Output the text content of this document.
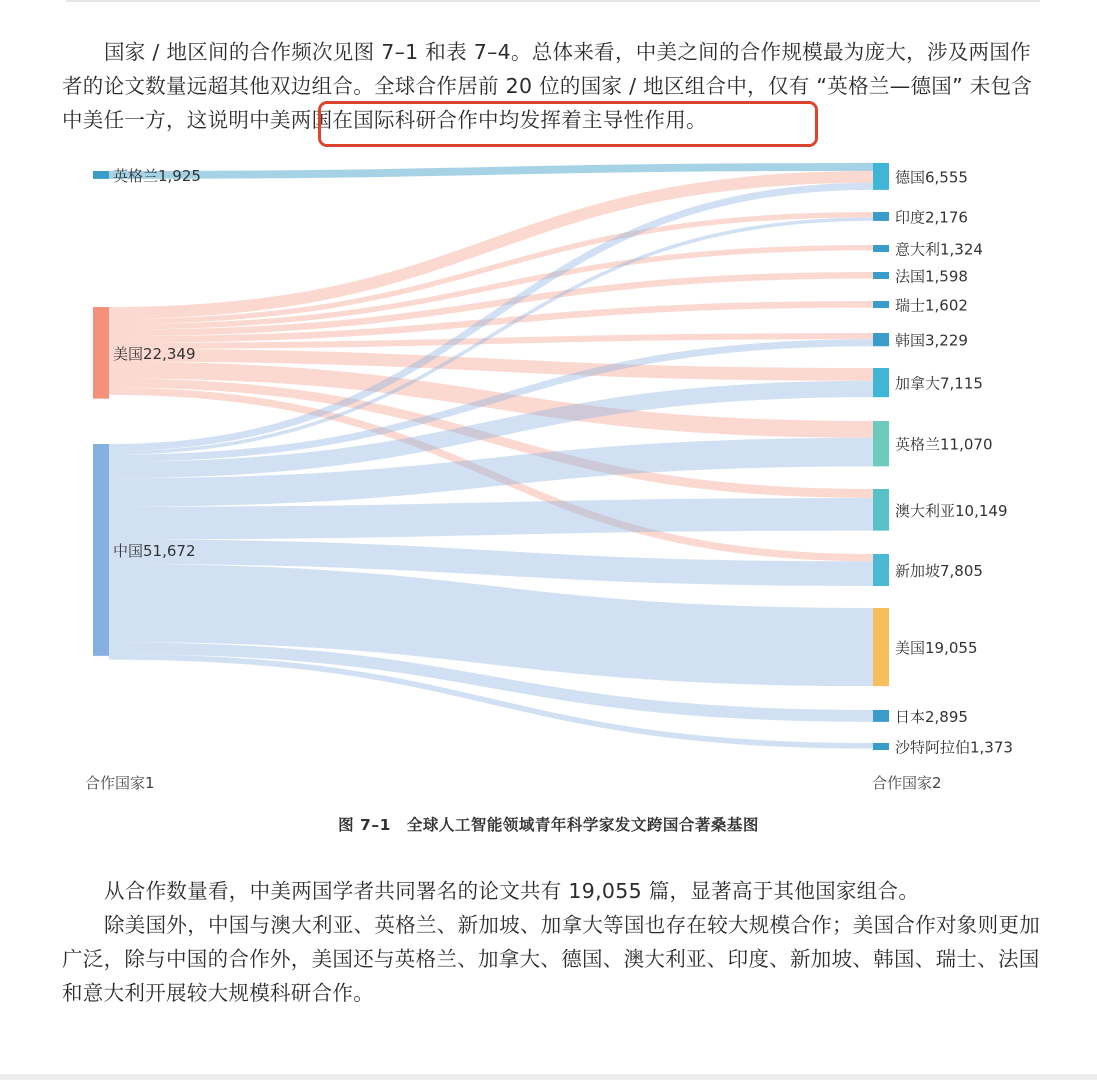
国家 / 地区间的合作频次见图 7–1 和表 7–4。总体来看，中美之间的合作规模最为庞大，涉及两国作者的论文数量远超其他双边组合。全球合作居前 20 位的国家 / 地区组合中，仅有 “英格兰—德国” 未包含中美任一方，这说明中美两国在国际科研合作中均发挥着主导性作用。

英格兰1,925
美国22,349
中国51,672
德国6,555
印度2,176
意大利1,324
法国1,598
瑞士1,602
韩国3,229
加拿大7,115
英格兰11,070
澳大利亚10,149
新加坡7,805
美国19,055
日本2,895
沙特阿拉伯1,373
合作国家1	合作国家2
图 7–1　全球人工智能领域青年科学家发文跨国合著桑基图

从合作数量看，中美两国学者共同署名的论文共有 19,055 篇，显著高于其他国家组合。

除美国外，中国与澳大利亚、英格兰、新加坡、加拿大等国也存在较大规模合作；美国合作对象则更加广泛，除与中国的合作外，美国还与英格兰、加拿大、德国、澳大利亚、印度、新加坡、韩国、瑞士、法国和意大利开展较大规模科研合作。
